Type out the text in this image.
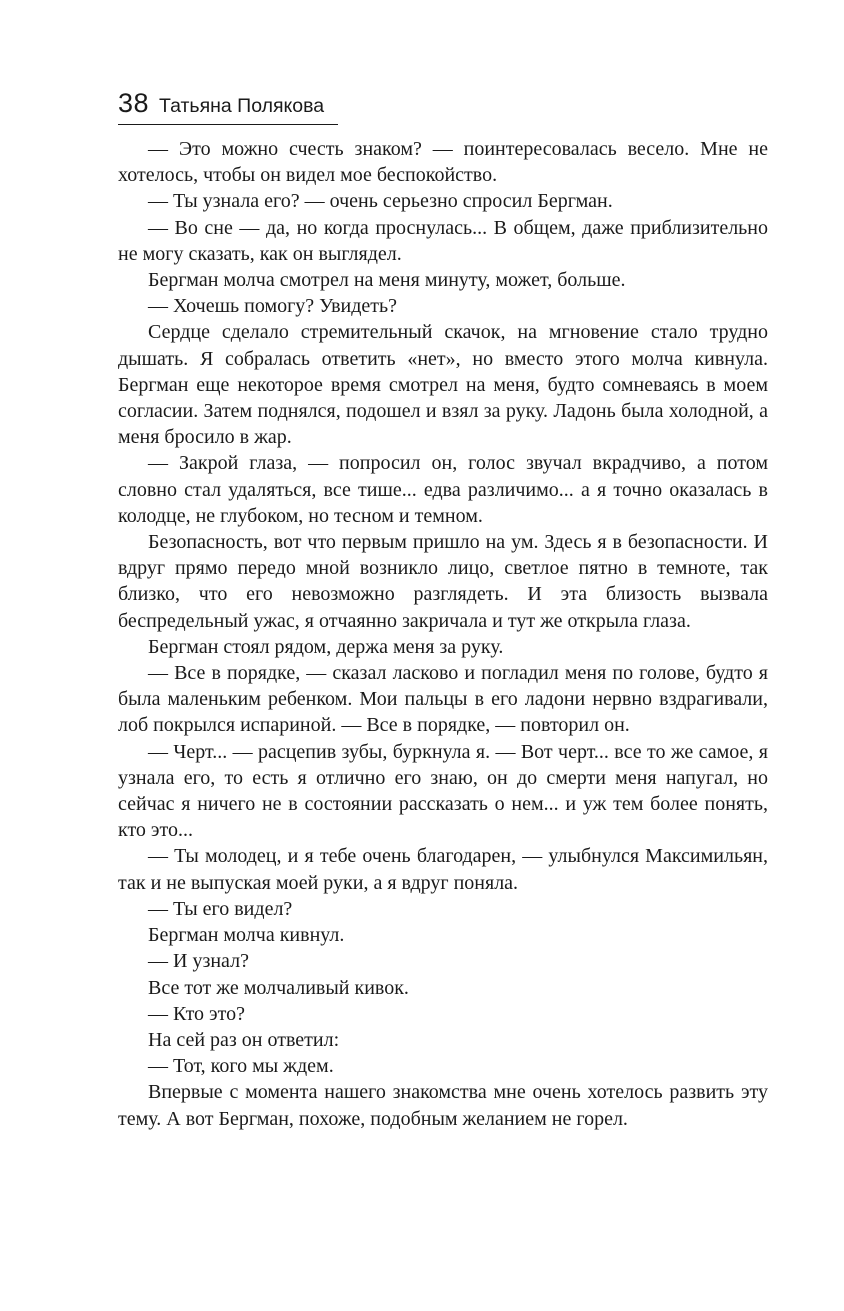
38 Татьяна Полякова

— Это можно счесть знаком? — поинтересовалась весело. Мне не хотелось, чтобы он видел мое беспокойство.

— Ты узнала его? — очень серьезно спросил Бергман.

— Во сне — да, но когда проснулась... В общем, даже приблизительно не могу сказать, как он выглядел.

Бергман молча смотрел на меня минуту, может, больше.

— Хочешь помогу? Увидеть?

Сердце сделало стремительный скачок, на мгновение стало трудно дышать. Я собралась ответить «нет», но вместо этого молча кивнула. Бергман еще некоторое время смотрел на меня, будто сомневаясь в моем согласии. Затем поднялся, подошел и взял за руку. Ладонь была холодной, а меня бросило в жар.

— Закрой глаза, — попросил он, голос звучал вкрадчиво, а потом словно стал удаляться, все тише... едва различимо... а я точно оказалась в колодце, не глубоком, но тесном и темном.

Безопасность, вот что первым пришло на ум. Здесь я в безопасности. И вдруг прямо передо мной возникло лицо, светлое пятно в темноте, так близко, что его невозможно разглядеть. И эта близость вызвала беспредельный ужас, я отчаянно закричала и тут же открыла глаза.

Бергман стоял рядом, держа меня за руку.

— Все в порядке, — сказал ласково и погладил меня по голове, будто я была маленьким ребенком. Мои пальцы в его ладони нервно вздрагивали, лоб покрылся испариной. — Все в порядке, — повторил он.

— Черт... — расцепив зубы, буркнула я. — Вот черт... все то же самое, я узнала его, то есть я отлично его знаю, он до смерти меня напугал, но сейчас я ничего не в состоянии рассказать о нем... и уж тем более понять, кто это...

— Ты молодец, и я тебе очень благодарен, — улыбнулся Максимильян, так и не выпуская моей руки, а я вдруг поняла.

— Ты его видел?

Бергман молча кивнул.

— И узнал?

Все тот же молчаливый кивок.

— Кто это?

На сей раз он ответил:

— Тот, кого мы ждем.

Впервые с момента нашего знакомства мне очень хотелось развить эту тему. А вот Бергман, похоже, подобным желанием не горел.
